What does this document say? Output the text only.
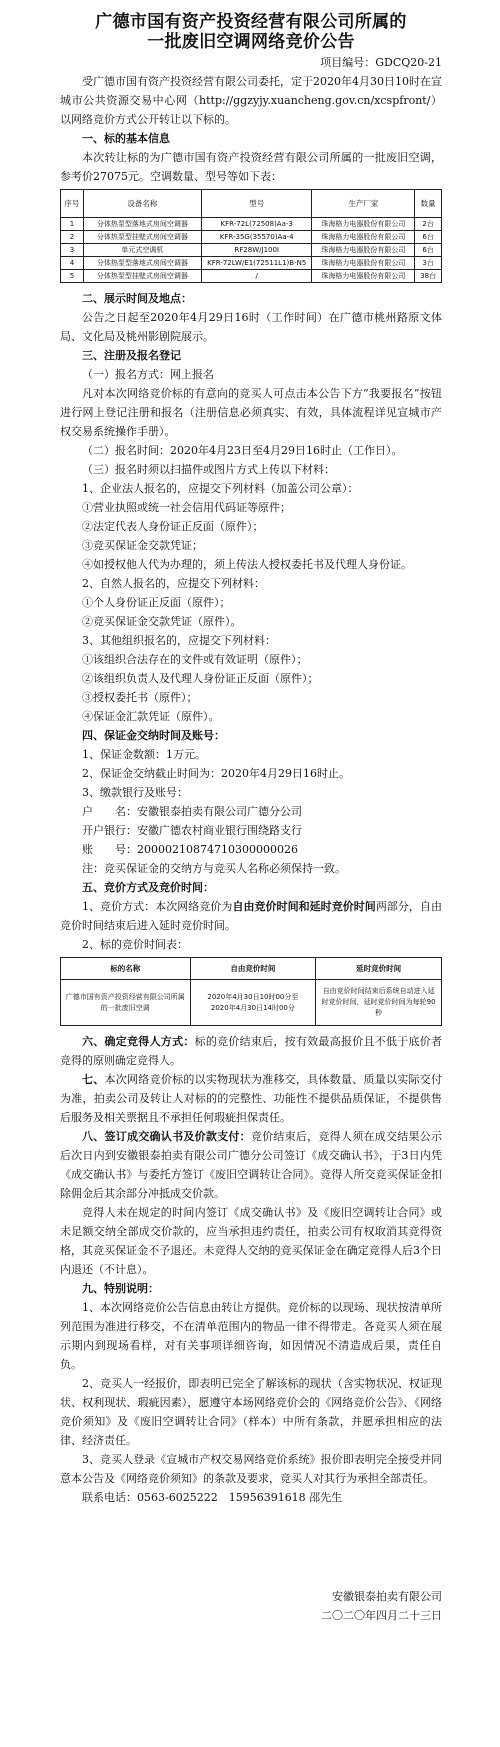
广德市国有资产投资经营有限公司所属的
一批废旧空调网络竞价公告
项目编号：GDCQ20-21

受广德市国有资产投资经营有限公司委托，定于2020年4月30日10时在宣城市公共资源交易中心网（http://ggzyjy.xuancheng.gov.cn/xcspfront/）以网络竞价方式公开转让以下标的。

一、标的基本信息

本次转让标的为广德市国有资产投资经营有限公司所属的一批废旧空调，参考价27075元。空调数量、型号等如下表：

序号	设备名称	型号	生产厂家	数量
1	分体热泵型落地式房间空调器	KFR-72L(72508)Aa-3	珠海格力电器股份有限公司	2台
2	分体热泵型挂壁式房间空调器	KFR-35G(35570)Aa-4	珠海格力电器股份有限公司	6台
3	单元式空调机	RF28W/J100I	珠海格力电器股份有限公司	6台
4	分体热泵型落地式房间空调器	KFR-72LW/E1(72511L1)B-N5	珠海格力电器股份有限公司	3台
5	分体热泵型挂壁式房间空调器	/	珠海格力电器股份有限公司	38台
二、展示时间及地点：

公告之日起至2020年4月29日16时（工作时间）在广德市桃州路原文体局、文化局及桃州影剧院展示。

三、注册及报名登记

（一）报名方式：网上报名

凡对本次网络竞价标的有意向的竞买人可点击本公告下方“我要报名”按钮进行网上登记注册和报名（注册信息必须真实、有效，具体流程详见宣城市产权交易系统操作手册）。

（二）报名时间：2020年4月23日至4月29日16时止（工作日）。

（三）报名时须以扫描件或图片方式上传以下材料：

1、企业法人报名的，应提交下列材料（加盖公司公章）：

①营业执照或统一社会信用代码证等原件；

②法定代表人身份证正反面（原件）；

③竞买保证金交款凭证；

④如授权他人代为办理的，须上传法人授权委托书及代理人身份证。

2、自然人报名的，应提交下列材料：

①个人身份证正反面（原件）；

②竞买保证金交款凭证（原件）。

3、其他组织报名的，应提交下列材料：

①该组织合法存在的文件或有效证明（原件）；

②该组织负责人及代理人身份证正反面（原件）；

③授权委托书（原件）；

④保证金汇款凭证（原件）。

四、保证金交纳时间及账号：

1、保证金数额：1万元。

2、保证金交纳截止时间为：2020年4月29日16时止。

3、缴款银行及账号：

户　　名：安徽银泰拍卖有限公司广德分公司

开户银行：安徽广德农村商业银行围绕路支行

账　　号：20000210874710300000026

注：竞买保证金的交纳方与竞买人名称必须保持一致。

五、竞价方式及竞价时间：

1、竞价方式：本次网络竞价为自由竞价时间和延时竞价时间两部分，自由竞价时间结束后进入延时竞价时间。

2、标的竞价时间表：

标的名称	自由竞价时间	延时竞价时间
广德市国有资产投资经营有限公司所属的一批废旧空调	2020年4月30日10时00分至
2020年4月30日14时00分	自由竞价时间结束后系统自动进入延时竞价时间，延时竞价时间为每轮90秒

六、确定竞得人方式：标的竞价结束后，按有效最高报价且不低于底价者竞得的原则确定竞得人。

七、本次网络竞价标的以实物现状为准移交，具体数量、质量以实际交付为准，拍卖公司及转让人对标的的完整性、功能性不提供品质保证，不提供售后服务及相关票据且不承担任何瑕疵担保责任。

八、签订成交确认书及价款支付：竞价结束后，竞得人须在成交结果公示后次日内到安徽银泰拍卖有限公司广德分公司签订《成交确认书》，于3日内凭《成交确认书》与委托方签订《废旧空调转让合同》。竞得人所交竞买保证金扣除佣金后其余部分冲抵成交价款。

竞得人未在规定的时间内签订《成交确认书》及《废旧空调转让合同》或未足额交纳全部成交价款的，应当承担违约责任，拍卖公司有权取消其竞得资格，其竞买保证金不予退还。未竞得人交纳的竞买保证金在确定竞得人后3个日内退还（不计息）。

九、特别说明：

1、本次网络竞价公告信息由转让方提供。竞价标的以现场、现状按清单所列范围为准进行移交，不在清单范围内的物品一律不得带走。各竞买人须在展示期内到现场看样，对有关事项详细咨询，如因情况不清造成后果，责任自负。

2、竞买人一经报价，即表明已完全了解该标的现状（含实物状况、权证现状、权利现状、瑕疵因素），愿遵守本场网络竞价会的《网络竞价公告》、《网络竞价须知》及《废旧空调转让合同》（样本）中所有条款，并愿承担相应的法律、经济责任。

3、竞买人登录《宣城市产权交易网络竞价系统》报价即表明完全接受并同意本公告及《网络竞价须知》的条款及要求，竞买人对其行为承担全部责任。

联系电话：0563-6025222　15956391618 邵先生

安徽银泰拍卖有限公司
二〇二〇年四月二十三日
